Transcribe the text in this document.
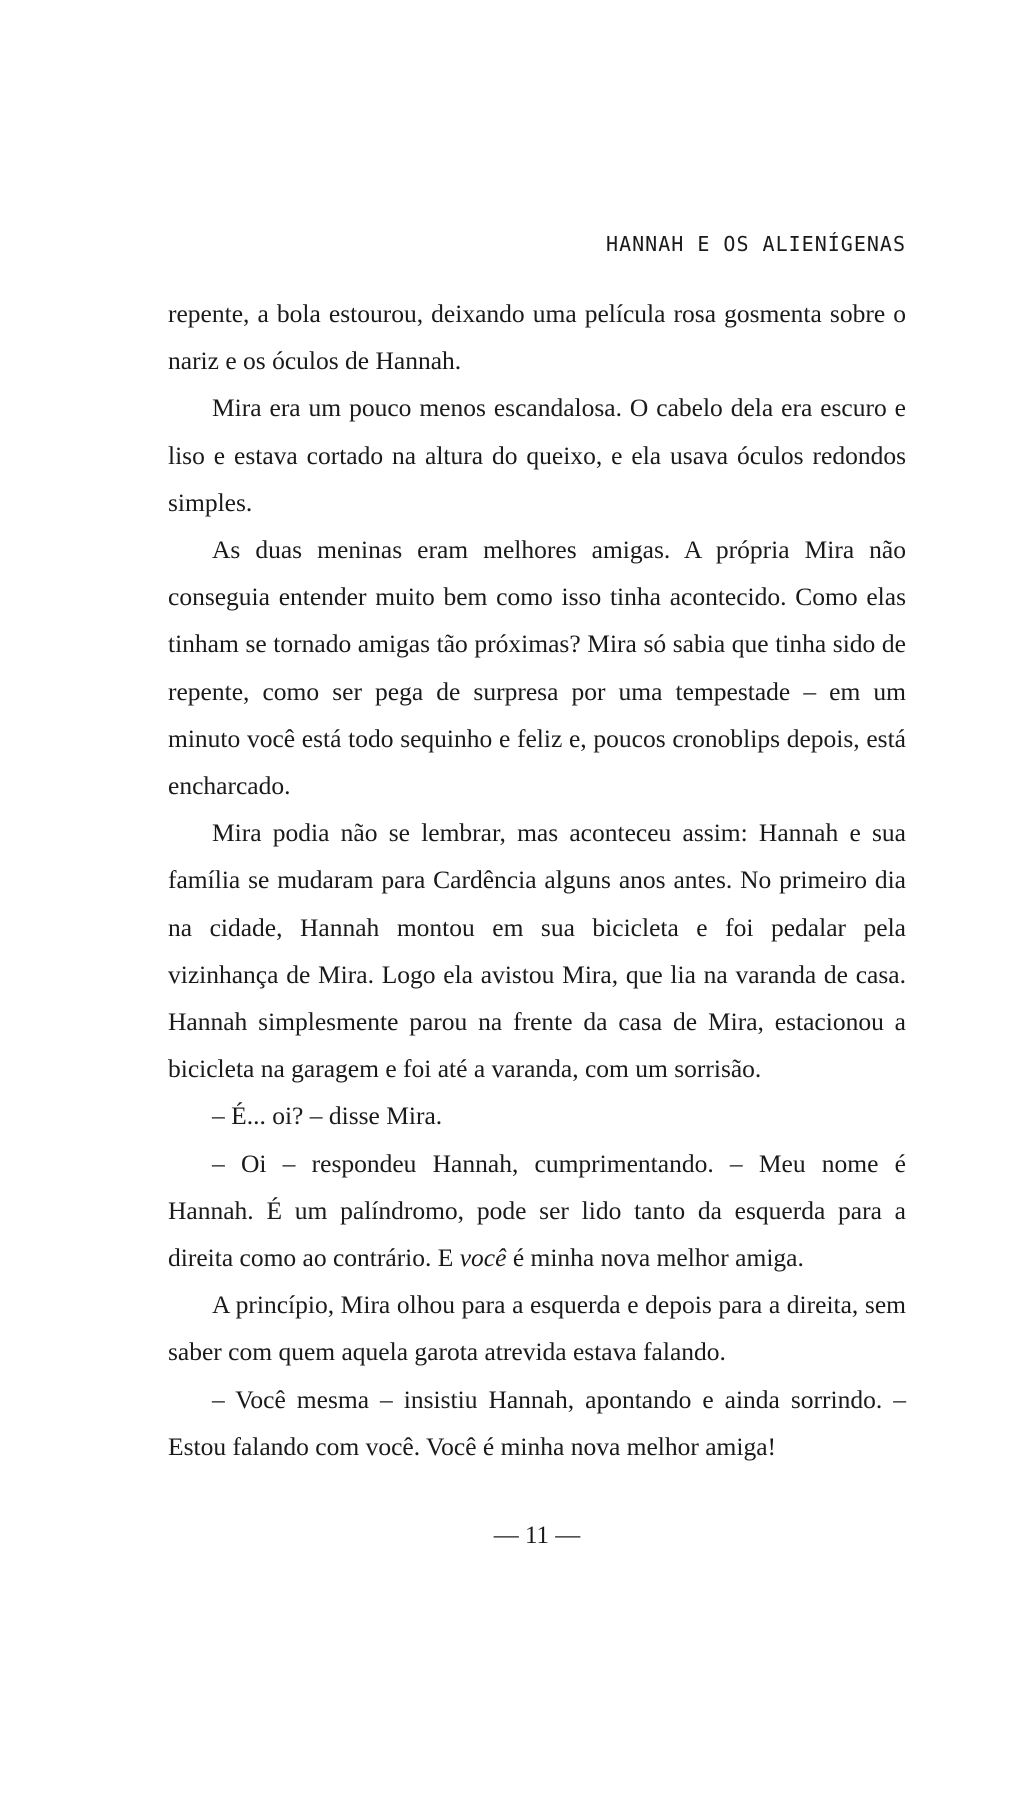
HANNAH E OS ALIENÍGENAS

repente, a bola estourou, deixando uma película rosa gosmenta sobre o nariz e os óculos de Hannah.

Mira era um pouco menos escandalosa. O cabelo dela era escuro e liso e estava cortado na altura do queixo, e ela usava óculos redondos simples.

As duas meninas eram melhores amigas. A própria Mira não conseguia entender muito bem como isso tinha acontecido. Como elas tinham se tornado amigas tão próximas? Mira só sabia que tinha sido de repente, como ser pega de surpresa por uma tempestade – em um minuto você está todo sequinho e feliz e, poucos cronoblips depois, está encharcado.

Mira podia não se lembrar, mas aconteceu assim: Hannah e sua família se mudaram para Cardência alguns anos antes. No primeiro dia na cidade, Hannah montou em sua bicicleta e foi pedalar pela vizinhança de Mira. Logo ela avistou Mira, que lia na varanda de casa. Hannah simplesmente parou na frente da casa de Mira, estacionou a bicicleta na garagem e foi até a varanda, com um sorrisão.

– É... oi? – disse Mira.

– Oi – respondeu Hannah, cumprimentando. – Meu nome é Hannah. É um palíndromo, pode ser lido tanto da esquerda para a direita como ao contrário. E você é minha nova melhor amiga.

A princípio, Mira olhou para a esquerda e depois para a direita, sem saber com quem aquela garota atrevida estava falando.

– Você mesma – insistiu Hannah, apontando e ainda sorrindo. – Estou falando com você. Você é minha nova melhor amiga!

— 11 —
